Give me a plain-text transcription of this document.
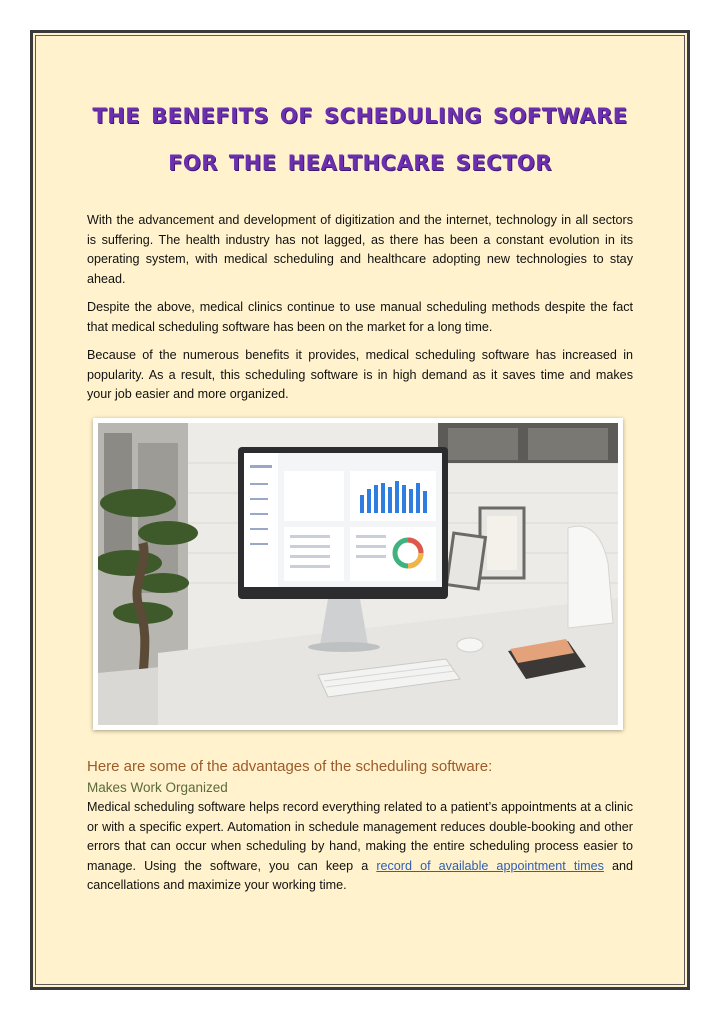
the benefits of scheduling software for the healthcare sector

With the advancement and development of digitization and the internet, technology in all sectors is suffering. The health industry has not lagged, as there has been a constant evolution in its operating system, with medical scheduling and healthcare adopting new technologies to stay ahead.

Despite the above, medical clinics continue to use manual scheduling methods despite the fact that medical scheduling software has been on the market for a long time.

Because of the numerous benefits it provides, medical scheduling software has increased in popularity. As a result, this scheduling software is in high demand as it saves time and makes your job easier and more organized.

Here are some of the advantages of the scheduling software:
Makes Work Organized

Medical scheduling software helps record everything related to a patient’s appointments at a clinic or with a specific expert. Automation in schedule management reduces double-booking and other errors that can occur when scheduling by hand, making the entire scheduling process easier to manage. Using the software, you can keep a record of available appointment times and cancellations and maximize your working time.
